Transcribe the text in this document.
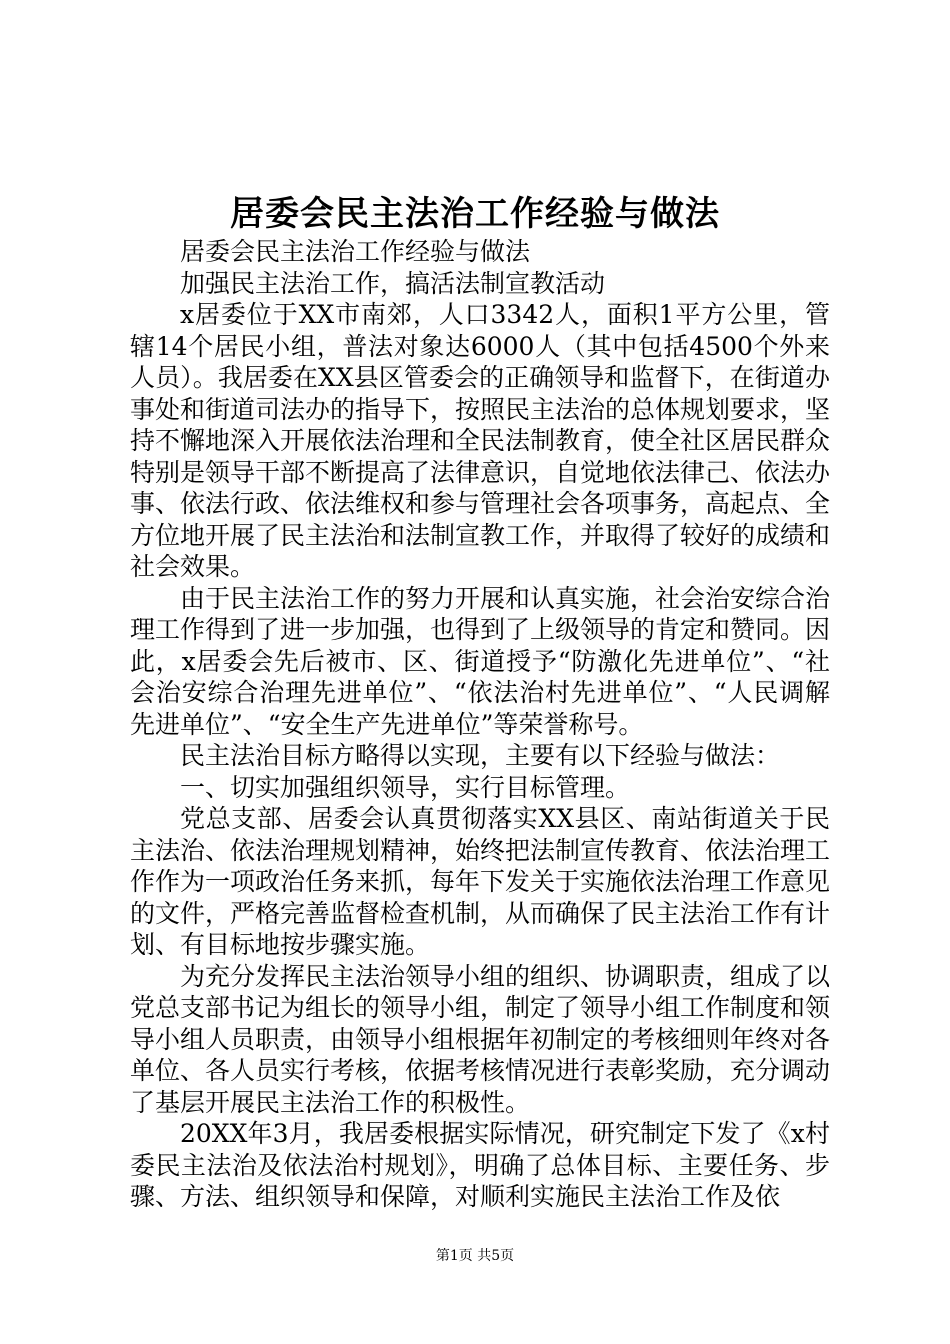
居委会民主法治工作经验与做法

居委会民主法治工作经验与做法

加强民主法治工作，搞活法制宣教活动

x居委位于XX市南郊，人口3342人，面积1平方公里，管辖14个居民小组，普法对象达6000人（其中包括4500个外来人员）。我居委在XX县区管委会的正确领导和监督下，在街道办事处和街道司法办的指导下，按照民主法治的总体规划要求，坚持不懈地深入开展依法治理和全民法制教育，使全社区居民群众特别是领导干部不断提高了法律意识，自觉地依法律己、依法办事、依法行政、依法维权和参与管理社会各项事务，高起点、全方位地开展了民主法治和法制宣教工作，并取得了较好的成绩和社会效果。

由于民主法治工作的努力开展和认真实施，社会治安综合治理工作得到了进一步加强，也得到了上级领导的肯定和赞同。因此，x居委会先后被市、区、街道授予“防激化先进单位”、“社会治安综合治理先进单位”、“依法治村先进单位”、“人民调解先进单位”、“安全生产先进单位”等荣誉称号。

民主法治目标方略得以实现，主要有以下经验与做法：

一、切实加强组织领导，实行目标管理。

党总支部、居委会认真贯彻落实XX县区、南站街道关于民主法治、依法治理规划精神，始终把法制宣传教育、依法治理工作作为一项政治任务来抓，每年下发关于实施依法治理工作意见的文件，严格完善监督检查机制，从而确保了民主法治工作有计划、有目标地按步骤实施。

为充分发挥民主法治领导小组的组织、协调职责，组成了以党总支部书记为组长的领导小组，制定了领导小组工作制度和领导小组人员职责，由领导小组根据年初制定的考核细则年终对各单位、各人员实行考核，依据考核情况进行表彰奖励，充分调动了基层开展民主法治工作的积极性。

20XX年3月，我居委根据实际情况，研究制定下发了《x村委民主法治及依法治村规划》，明确了总体目标、主要任务、步骤、方法、组织领导和保障，对顺利实施民主法治工作及依

第1页 共5页
